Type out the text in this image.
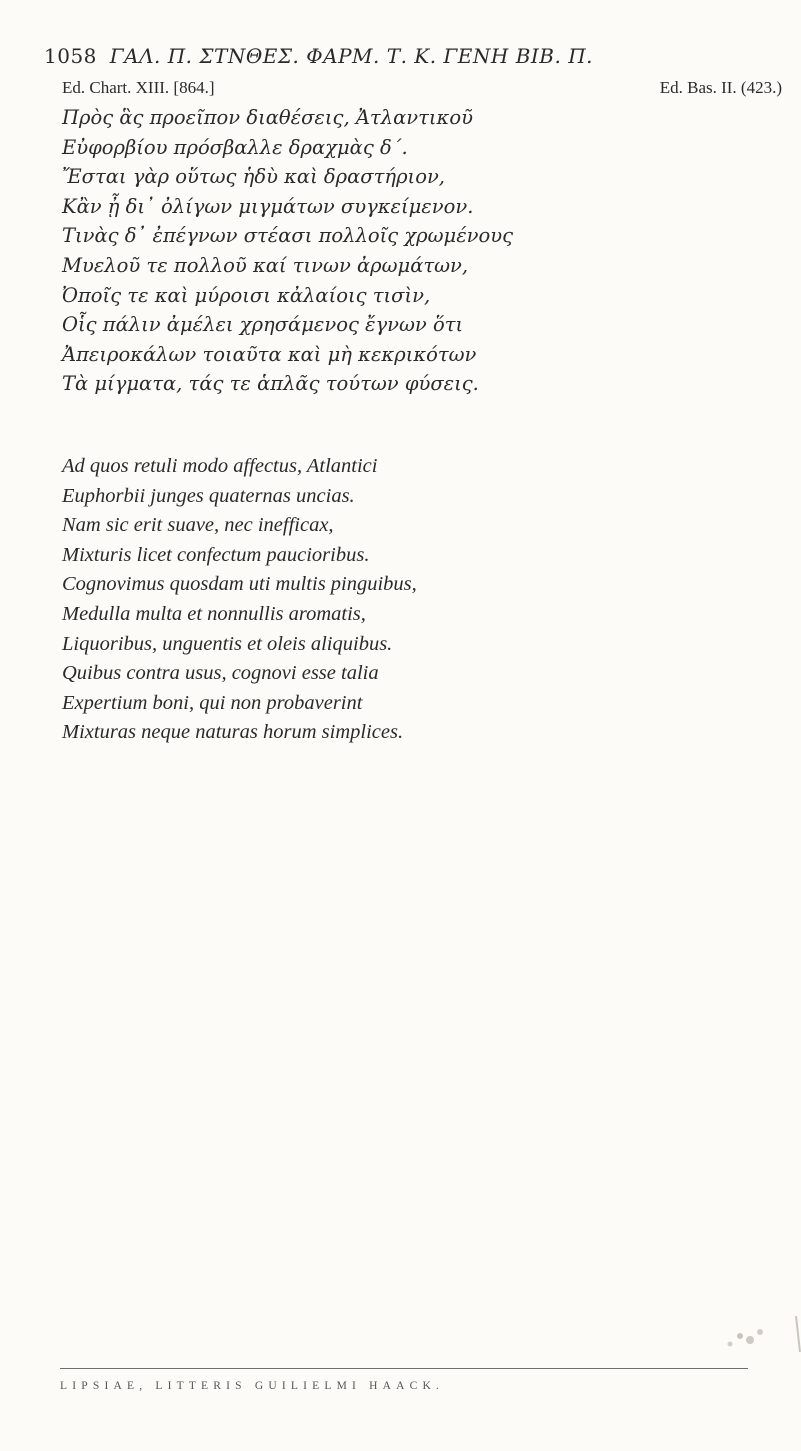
1058 ΓΑΛ. Π. ΣΤΝΘΕΣ. ΦΑΡΜ. Τ. Κ. ΓΕΝΗ ΒΙΒ. Π.
Ed. Chart. XIII. [864.]	Ed. Bas. II. (423.)
Πρὸς ἃς προεῖπον διαθέσεις, Ἀτλαντικοῦ
Εὐφορβίου πρόσβαλλε δραχμὰς δ΄.
Ἔσται γὰρ οὕτως ἡδὺ καὶ δραστήριον,
Κἂν ᾖ δι᾽ ὀλίγων μιγμάτων συγκείμενον.
Τινὰς δ᾽ ἐπέγνων στέασι πολλοῖς χρωμένους
Μυελοῦ τε πολλοῦ καί τινων ἀρωμάτων,
Ὀποῖς τε καὶ μύροισι κἀλαίοις τισὶν,
Οἷς πάλιν ἀμέλει χρησάμενος ἔγνων ὅτι
Ἀπειροκάλων τοιαῦτα καὶ μὴ κεκρικότων
Τὰ μίγματα, τάς τε ἁπλᾶς τούτων φύσεις.
Ad quos retuli modo affectus, Atlantici
Euphorbii junges quaternas uncias.
Nam sic erit suave, nec inefficax,
Mixturis licet confectum paucioribus.
Cognovimus quosdam uti multis pinguibus,
Medulla multa et nonnullis aromatis,
Liquoribus, unguentis et oleis aliquibus.
Quibus contra usus, cognovi esse talia
Expertium boni, qui non probaverint
Mixturas neque naturas horum simplices.
LIPSIAE, LITTERIS GUILIELMI HAACK.
